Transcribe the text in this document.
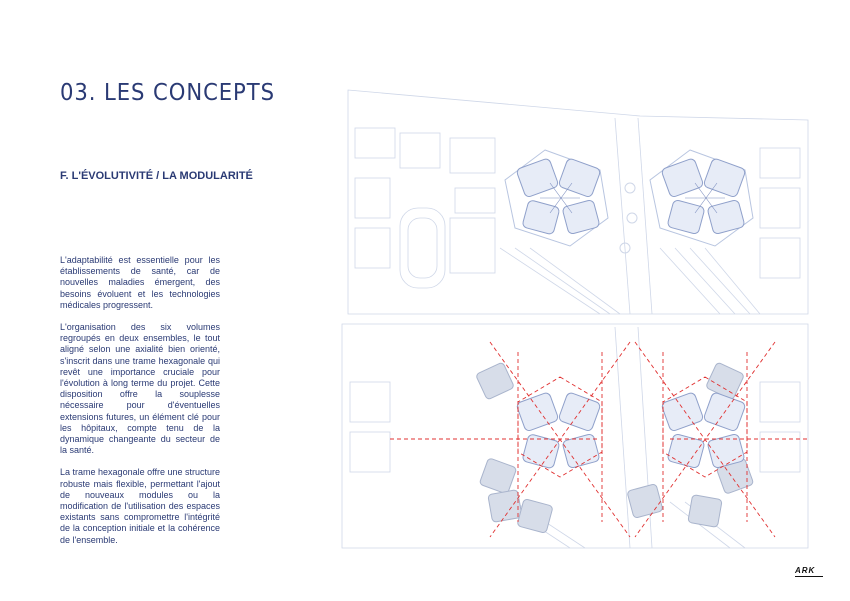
03. LES CONCEPTS
F. L'ÉVOLUTIVITÉ / LA MODULARITÉ

L'adaptabilité est essentielle pour les établissements de santé, car de nouvelles maladies émergent, des besoins évoluent et les technologies médicales progressent.

L'organisation des six volumes regroupés en deux ensembles, le tout aligné selon une axialité bien orienté, s'inscrit dans une trame hexagonale qui revêt une importance cruciale pour l'évolution à long terme du projet. Cette disposition offre la souplesse nécessaire pour d'éventuelles extensions futures, un élément clé pour les hôpitaux, compte tenu de la dynamique changeante du secteur de la santé.

La trame hexagonale offre une structure robuste mais flexible, permettant l'ajout de nouveaux modules ou la modification de l'utilisation des espaces existants sans compromettre l'intégrité de la conception initiale et la cohérence de l'ensemble.

ARK
